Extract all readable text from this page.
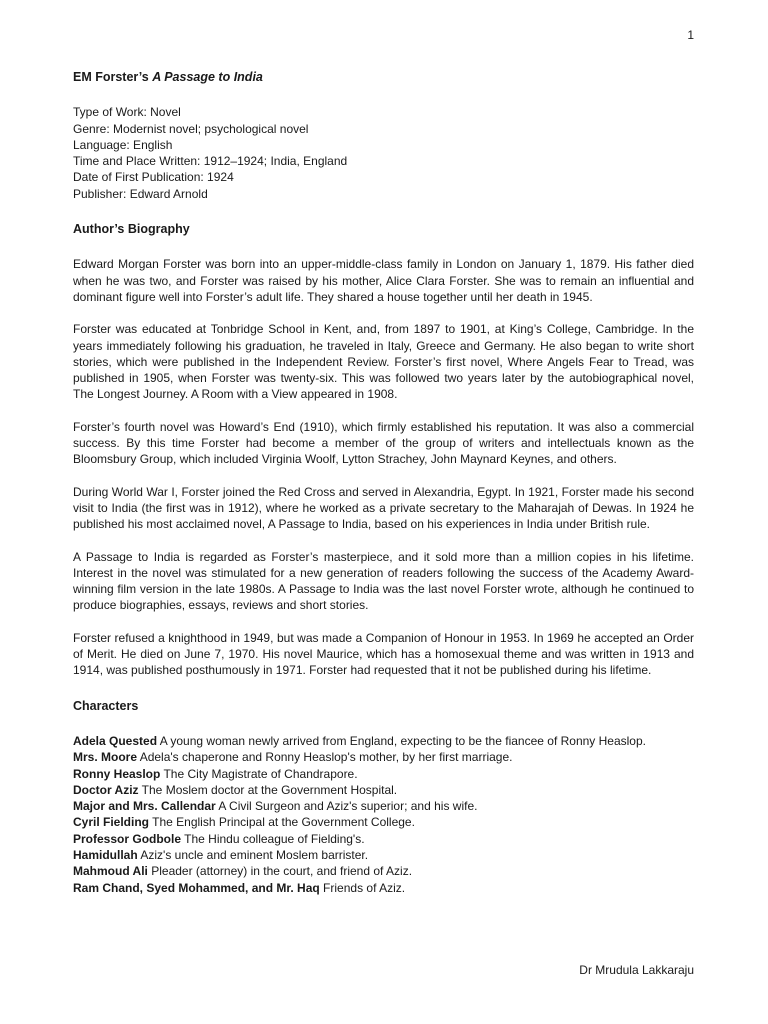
1
EM Forster’s A Passage to India

Type of Work: Novel

Genre: Modernist novel; psychological novel

Language: English

Time and Place Written: 1912–1924; India, England

Date of First Publication: 1924

Publisher: Edward Arnold

Author’s Biography

Edward Morgan Forster was born into an upper-middle-class family in London on January 1, 1879. His father died when he was two, and Forster was raised by his mother, Alice Clara Forster. She was to remain an influential and dominant figure well into Forster’s adult life. They shared a house together until her death in 1945.

Forster was educated at Tonbridge School in Kent, and, from 1897 to 1901, at King’s College, Cambridge. In the years immediately following his graduation, he traveled in Italy, Greece and Germany. He also began to write short stories, which were published in the Independent Review. Forster’s first novel, Where Angels Fear to Tread, was published in 1905, when Forster was twenty-six. This was followed two years later by the autobiographical novel, The Longest Journey. A Room with a View appeared in 1908.

Forster’s fourth novel was Howard’s End (1910), which firmly established his reputation. It was also a commercial success. By this time Forster had become a member of the group of writers and intellectuals known as the Bloomsbury Group, which included Virginia Woolf, Lytton Strachey, John Maynard Keynes, and others.

During World War I, Forster joined the Red Cross and served in Alexandria, Egypt. In 1921, Forster made his second visit to India (the first was in 1912), where he worked as a private secretary to the Maharajah of Dewas. In 1924 he published his most acclaimed novel, A Passage to India, based on his experiences in India under British rule.

A Passage to India is regarded as Forster’s masterpiece, and it sold more than a million copies in his lifetime. Interest in the novel was stimulated for a new generation of readers following the success of the Academy Award-winning film version in the late 1980s. A Passage to India was the last novel Forster wrote, although he continued to produce biographies, essays, reviews and short stories.

Forster refused a knighthood in 1949, but was made a Companion of Honour in 1953. In 1969 he accepted an Order of Merit. He died on June 7, 1970. His novel Maurice, which has a homosexual theme and was written in 1913 and 1914, was published posthumously in 1971. Forster had requested that it not be published during his lifetime.

Characters

Adela Quested A young woman newly arrived from England, expecting to be the fiancee of Ronny Heaslop.

Mrs. Moore Adela's chaperone and Ronny Heaslop's mother, by her first marriage.

Ronny Heaslop The City Magistrate of Chandrapore.

Doctor Aziz The Moslem doctor at the Government Hospital.

Major and Mrs. Callendar A Civil Surgeon and Aziz's superior; and his wife.

Cyril Fielding The English Principal at the Government College.

Professor Godbole The Hindu colleague of Fielding's.

Hamidullah Aziz's uncle and eminent Moslem barrister.

Mahmoud Ali Pleader (attorney) in the court, and friend of Aziz.

Ram Chand, Syed Mohammed, and Mr. Haq Friends of Aziz.

Dr Mrudula Lakkaraju
